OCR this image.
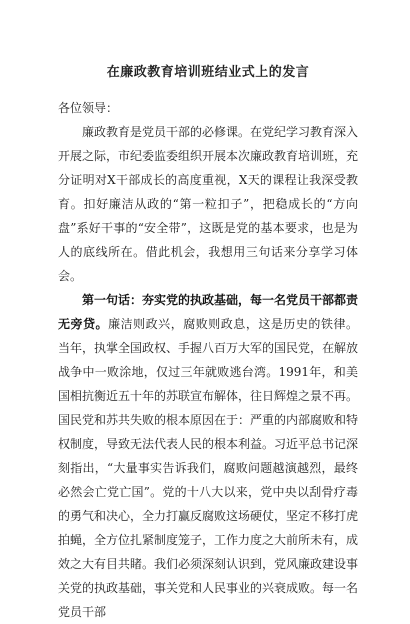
在廉政教育培训班结业式上的发言
各位领导：

廉政教育是党员干部的必修课。在党纪学习教育深入开展之际，市纪委监委组织开展本次廉政教育培训班，充分证明对X干部成长的高度重视，X天的课程让我深受教育。扣好廉洁从政的“第一粒扣子”，把稳成长的“方向盘”系好干事的“安全带”，这既是党的基本要求，也是为人的底线所在。借此机会，我想用三句话来分享学习体会。

第一句话：夯实党的执政基础，每一名党员干部都责无旁贷。廉洁则政兴，腐败则政息，这是历史的铁律。当年，执掌全国政权、手握八百万大军的国民党，在解放战争中一败涂地，仅过三年就败逃台湾。1991年，和美国相抗衡近五十年的苏联宣布解体，往日辉煌之景不再。国民党和苏共失败的根本原因在于：严重的内部腐败和特权制度，导致无法代表人民的根本利益。习近平总书记深刻指出，“大量事实告诉我们，腐败问题越演越烈，最终必然会亡党亡国”。党的十八大以来，党中央以刮骨疗毒的勇气和决心，全力打赢反腐败这场硬仗，坚定不移打虎拍蝇，全方位扎紧制度笼子，工作力度之大前所未有，成效之大有目共睹。我们必须深刻认识到，党风廉政建设事关党的执政基础，事关党和人民事业的兴衰成败。每一名党员干部
